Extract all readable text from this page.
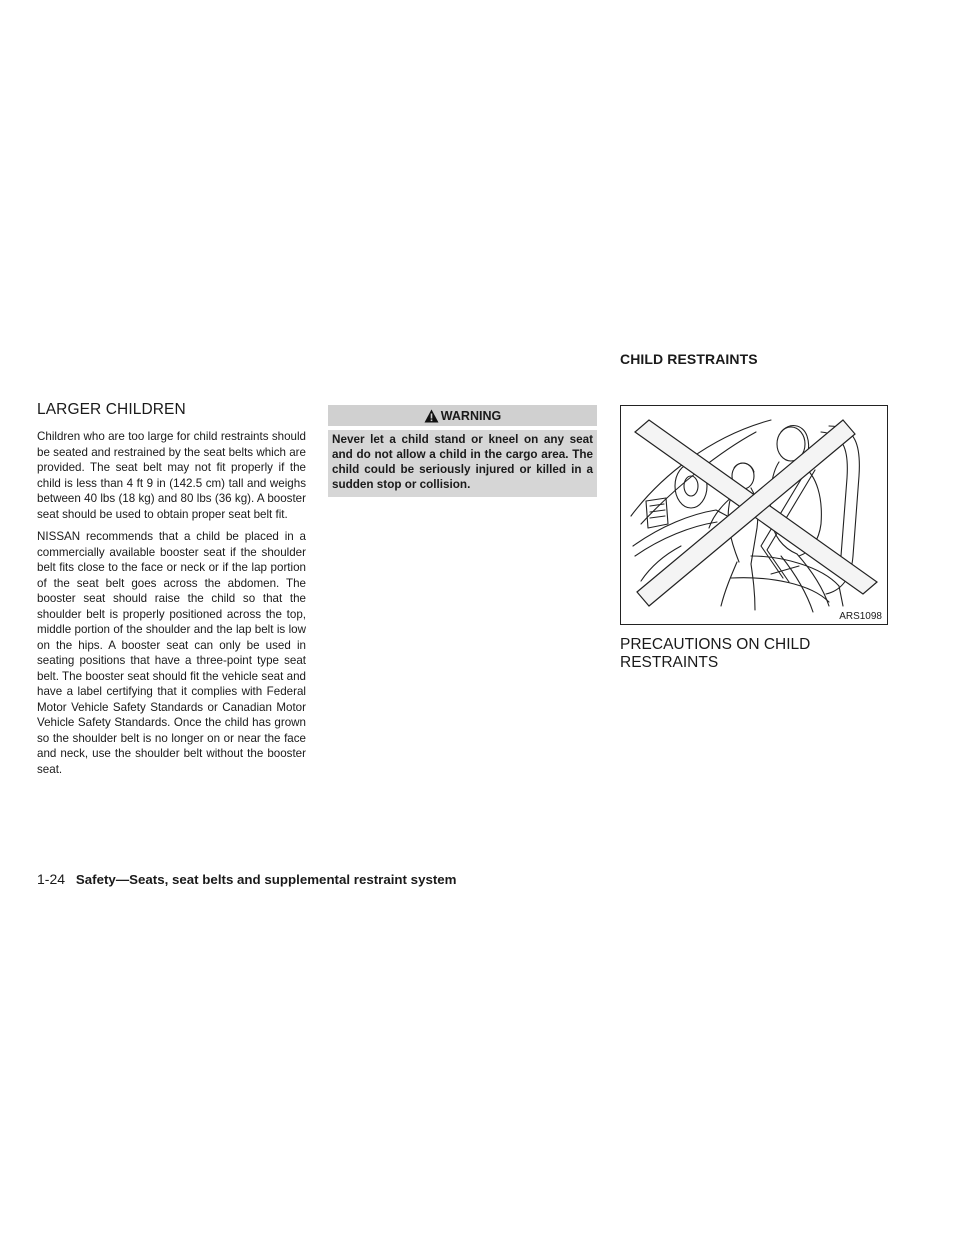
LARGER CHILDREN

Children who are too large for child restraints should be seated and restrained by the seat belts which are provided. The seat belt may not fit properly if the child is less than 4 ft 9 in (142.5 cm) tall and weighs between 40 lbs (18 kg) and 80 lbs (36 kg). A booster seat should be used to obtain proper seat belt fit.

NISSAN recommends that a child be placed in a commercially available booster seat if the shoulder belt fits close to the face or neck or if the lap portion of the seat belt goes across the abdomen. The booster seat should raise the child so that the shoulder belt is properly positioned across the top, middle portion of the shoulder and the lap belt is low on the hips. A booster seat can only be used in seating positions that have a three-point type seat belt. The booster seat should fit the vehicle seat and have a label certifying that it complies with Federal Motor Vehicle Safety Standards or Canadian Motor Vehicle Safety Standards. Once the child has grown so the shoulder belt is no longer on or near the face and neck, use the shoulder belt without the booster seat.

WARNING
Never let a child stand or kneel on any seat and do not allow a child in the cargo area. The child could be seriously injured or killed in a sudden stop or collision.
CHILD RESTRAINTS
ARS1098
PRECAUTIONS ON CHILD RESTRAINTS
1-24 Safety—Seats, seat belts and supplemental restraint system
